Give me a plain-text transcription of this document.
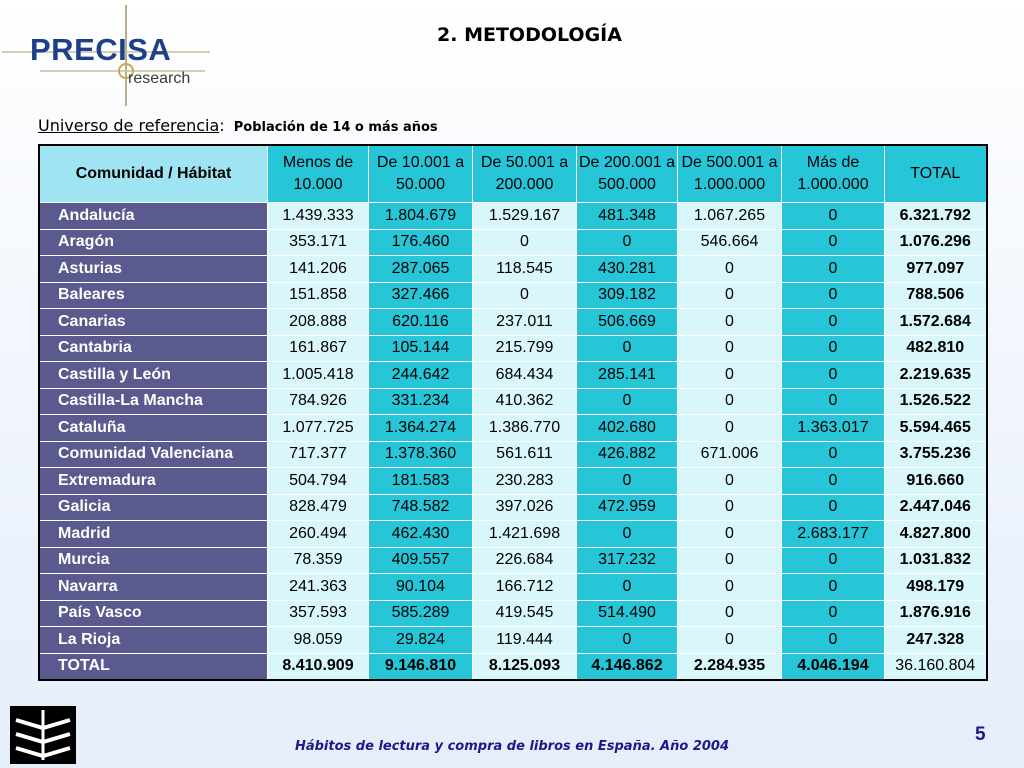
PRECISA
research
2. METODOLOGÍA
Universo de referencia: Población de 14 o más años
Comunidad / Hábitat	Menos de 10.000	De 10.001 a 50.000	De 50.001 a 200.000	De 200.001 a 500.000	De 500.001 a 1.000.000	Más de 1.000.000	TOTAL
Andalucía	1.439.333	1.804.679	1.529.167	481.348	1.067.265	0	6.321.792
Aragón	353.171	176.460	0	0	546.664	0	1.076.296
Asturias	141.206	287.065	118.545	430.281	0	0	977.097
Baleares	151.858	327.466	0	309.182	0	0	788.506
Canarias	208.888	620.116	237.011	506.669	0	0	1.572.684
Cantabria	161.867	105.144	215.799	0	0	0	482.810
Castilla y León	1.005.418	244.642	684.434	285.141	0	0	2.219.635
Castilla-La Mancha	784.926	331.234	410.362	0	0	0	1.526.522
Cataluña	1.077.725	1.364.274	1.386.770	402.680	0	1.363.017	5.594.465
Comunidad Valenciana	717.377	1.378.360	561.611	426.882	671.006	0	3.755.236
Extremadura	504.794	181.583	230.283	0	0	0	916.660
Galicia	828.479	748.582	397.026	472.959	0	0	2.447.046
Madrid	260.494	462.430	1.421.698	0	0	2.683.177	4.827.800
Murcia	78.359	409.557	226.684	317.232	0	0	1.031.832
Navarra	241.363	90.104	166.712	0	0	0	498.179
País Vasco	357.593	585.289	419.545	514.490	0	0	1.876.916
La Rioja	98.059	29.824	119.444	0	0	0	247.328
TOTAL	8.410.909	9.146.810	8.125.093	4.146.862	2.284.935	4.046.194	36.160.804
Hábitos de lectura y compra de libros en España. Año 2004
5
